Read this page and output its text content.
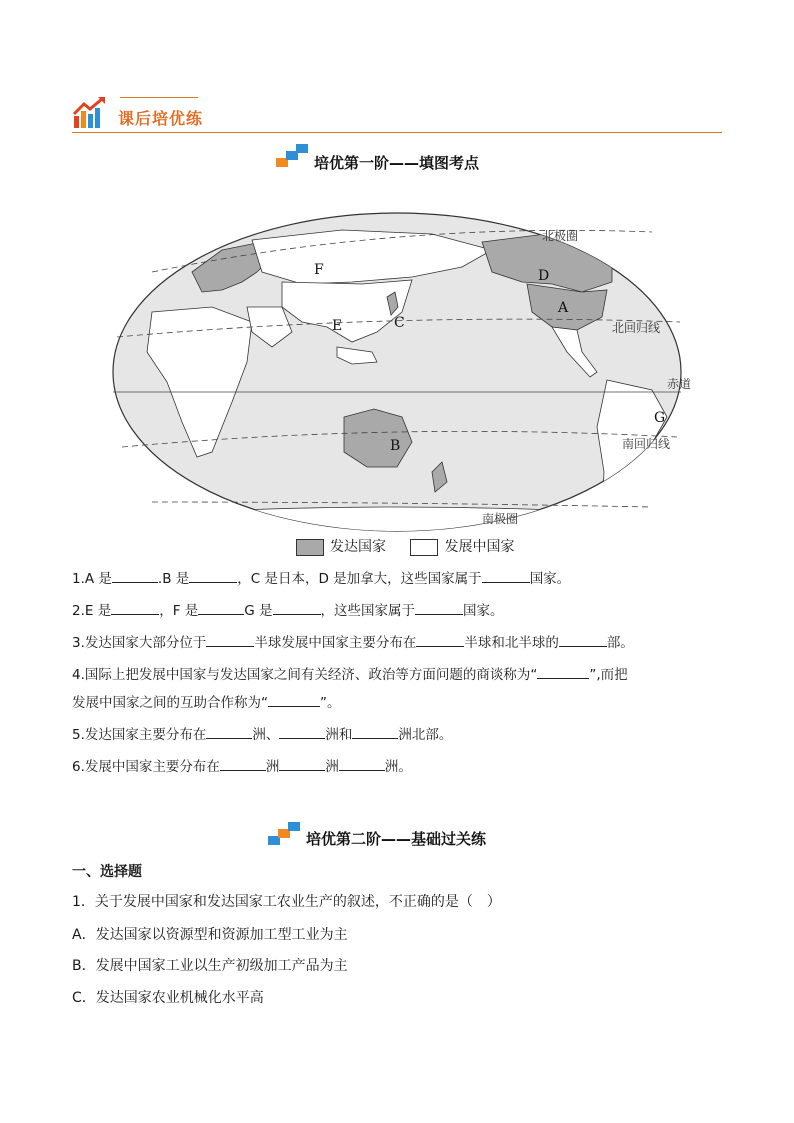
课后培优练
培优第一阶——填图考点
F
E	C
D
A
B
G
北极圈
北回归线
赤道
南回归线
南极圈
发达国家	发展中国家
1.A 是	.B 是	，C 是日本，D 是加拿大，这些国家属于	国家。
2.E 是	，F 是	G 是	，这些国家属于	国家。
3.发达国家大部分位于	半球发展中国家主要分布在	半球和北半球的	部。
4.国际上把发展中国家与发达国家之间有关经济、政治等方面问题的商谈称为“	”,而把
发展中国家之间的互助合作称为“	”。
5.发达国家主要分布在	洲、	洲和	洲北部。
6.发展中国家主要分布在	洲	洲	洲。
培优第二阶——基础过关练
一、选择题
1．关于发展中国家和发达国家工农业生产的叙述，不正确的是（　）
A．发达国家以资源型和资源加工型工业为主
B．发展中国家工业以生产初级加工产品为主
C．发达国家农业机械化水平高
